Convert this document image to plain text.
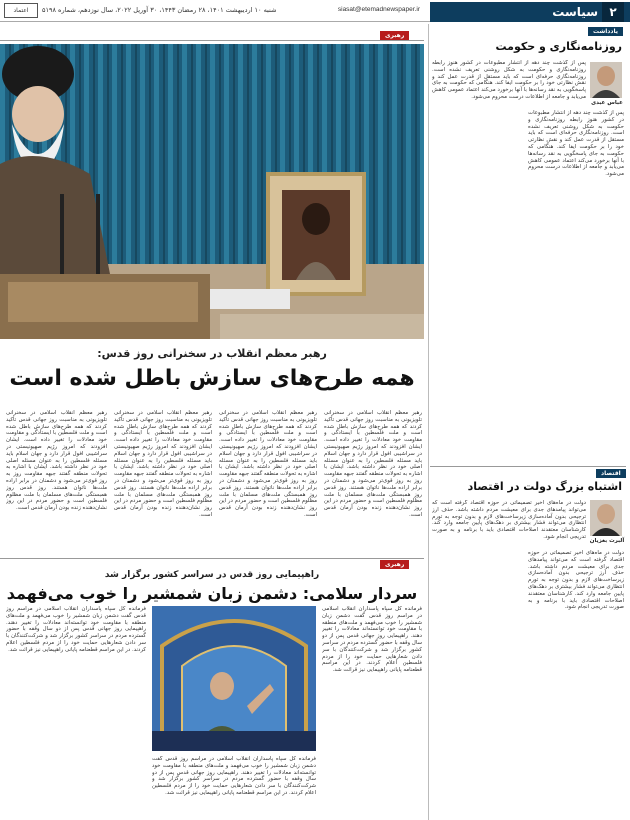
۲
سیاست
siasat@etemadnewspaper.ir
شنبه ۱۰ اردیبهشت ۱۴۰۱، ۲۸ رمضان ۱۴۴۳، ۳۰ آوریل ۲۰۲۲، سال نوزدهم، شماره ۵۱۹۸
اعتماد
رهبری
رهبر معظم انقلاب در سخنرانی روز قدس:
همه طرح‌های سازش باطل شده است
رهبر معظم انقلاب اسلامی در سخنرانی تلویزیونی به مناسبت روز جهانی قدس تأکید کردند که همه طرح‌های سازش باطل شده است و ملت فلسطین با ایستادگی و مقاومت خود معادلات را تغییر داده است. ایشان افزودند که امروز رژیم صهیونیستی در سراشیبی افول قرار دارد و جهان اسلام باید مسئله فلسطین را به عنوان مسئله اصلی خود در نظر داشته باشد. ایشان با اشاره به تحولات منطقه گفتند جبهه مقاومت روز به روز قوی‌تر می‌شود و دشمنان در برابر اراده ملت‌ها ناتوان هستند. روز قدس روز همبستگی ملت‌های مسلمان با ملت مظلوم فلسطین است و حضور مردم در این روز نشان‌دهنده زنده بودن آرمان قدس است.
رهبر معظم انقلاب اسلامی در سخنرانی تلویزیونی به مناسبت روز جهانی قدس تأکید کردند که همه طرح‌های سازش باطل شده است و ملت فلسطین با ایستادگی و مقاومت خود معادلات را تغییر داده است. ایشان افزودند که امروز رژیم صهیونیستی در سراشیبی افول قرار دارد و جهان اسلام باید مسئله فلسطین را به عنوان مسئله اصلی خود در نظر داشته باشد. ایشان با اشاره به تحولات منطقه گفتند جبهه مقاومت روز به روز قوی‌تر می‌شود و دشمنان در برابر اراده ملت‌ها ناتوان هستند. روز قدس روز همبستگی ملت‌های مسلمان با ملت مظلوم فلسطین است و حضور مردم در این روز نشان‌دهنده زنده بودن آرمان قدس است.
رهبر معظم انقلاب اسلامی در سخنرانی تلویزیونی به مناسبت روز جهانی قدس تأکید کردند که همه طرح‌های سازش باطل شده است و ملت فلسطین با ایستادگی و مقاومت خود معادلات را تغییر داده است. ایشان افزودند که امروز رژیم صهیونیستی در سراشیبی افول قرار دارد و جهان اسلام باید مسئله فلسطین را به عنوان مسئله اصلی خود در نظر داشته باشد. ایشان با اشاره به تحولات منطقه گفتند جبهه مقاومت روز به روز قوی‌تر می‌شود و دشمنان در برابر اراده ملت‌ها ناتوان هستند. روز قدس روز همبستگی ملت‌های مسلمان با ملت مظلوم فلسطین است و حضور مردم در این روز نشان‌دهنده زنده بودن آرمان قدس است.
رهبر معظم انقلاب اسلامی در سخنرانی تلویزیونی به مناسبت روز جهانی قدس تأکید کردند که همه طرح‌های سازش باطل شده است و ملت فلسطین با ایستادگی و مقاومت خود معادلات را تغییر داده است. ایشان افزودند که امروز رژیم صهیونیستی در سراشیبی افول قرار دارد و جهان اسلام باید مسئله فلسطین را به عنوان مسئله اصلی خود در نظر داشته باشد. ایشان با اشاره به تحولات منطقه گفتند جبهه مقاومت روز به روز قوی‌تر می‌شود و دشمنان در برابر اراده ملت‌ها ناتوان هستند. روز قدس روز همبستگی ملت‌های مسلمان با ملت مظلوم فلسطین است و حضور مردم در این روز نشان‌دهنده زنده بودن آرمان قدس است.
رهبری
راهپیمایی روز قدس در سراسر کشور برگزار شد
سردار سلامی: دشمن زبان شمشیر را خوب می‌فهمد
فرمانده کل سپاه پاسداران انقلاب اسلامی در مراسم روز قدس گفت دشمن زبان شمشیر را خوب می‌فهمد و ملت‌های منطقه با مقاومت خود توانسته‌اند معادلات را تغییر دهند. راهپیمایی روز جهانی قدس پس از دو سال وقفه با حضور گسترده مردم در سراسر کشور برگزار شد و شرکت‌کنندگان با سر دادن شعارهایی حمایت خود را از مردم فلسطین اعلام کردند. در این مراسم قطعنامه پایانی راهپیمایی نیز قرائت شد.
فرمانده کل سپاه پاسداران انقلاب اسلامی در مراسم روز قدس گفت دشمن زبان شمشیر را خوب می‌فهمد و ملت‌های منطقه با مقاومت خود توانسته‌اند معادلات را تغییر دهند. راهپیمایی روز جهانی قدس پس از دو سال وقفه با حضور گسترده مردم در سراسر کشور برگزار شد و شرکت‌کنندگان با سر دادن شعارهایی حمایت خود را از مردم فلسطین اعلام کردند. در این مراسم قطعنامه پایانی راهپیمایی نیز قرائت شد.
فرمانده کل سپاه پاسداران انقلاب اسلامی در مراسم روز قدس گفت دشمن زبان شمشیر را خوب می‌فهمد و ملت‌های منطقه با مقاومت خود توانسته‌اند معادلات را تغییر دهند. راهپیمایی روز جهانی قدس پس از دو سال وقفه با حضور گسترده مردم در سراسر کشور برگزار شد و شرکت‌کنندگان با سر دادن شعارهایی حمایت خود را از مردم فلسطین اعلام کردند. در این مراسم قطعنامه پایانی راهپیمایی نیز قرائت شد.
یادداشت
روزنامه‌نگاری و حکومت
عباس عبدی
پس از گذشت چند دهه از انتشار مطبوعات در کشور هنوز رابطه روزنامه‌نگاری و حکومت به شکل روشنی تعریف نشده است. روزنامه‌نگاری حرفه‌ای است که باید مستقل از قدرت عمل کند و نقش نظارتی خود را بر حکومت ایفا کند. هنگامی که حکومت به جای پاسخگویی به نقد رسانه‌ها با آنها برخورد می‌کند اعتماد عمومی کاهش می‌یابد و جامعه از اطلاعات درست محروم می‌شود.
پس از گذشت چند دهه از انتشار مطبوعات در کشور هنوز رابطه روزنامه‌نگاری و حکومت به شکل روشنی تعریف نشده است. روزنامه‌نگاری حرفه‌ای است که باید مستقل از قدرت عمل کند و نقش نظارتی خود را بر حکومت ایفا کند. هنگامی که حکومت به جای پاسخگویی به نقد رسانه‌ها با آنها برخورد می‌کند اعتماد عمومی کاهش می‌یابد و جامعه از اطلاعات درست محروم می‌شود.
اقتصاد
اشتباه بزرگ دولت در اقتصاد
آلبرت بغزیان
دولت در ماه‌های اخیر تصمیماتی در حوزه اقتصاد گرفته است که می‌تواند پیامدهای جدی برای معیشت مردم داشته باشد. حذف ارز ترجیحی بدون آماده‌سازی زیرساخت‌های لازم و بدون توجه به تورم انتظاری می‌تواند فشار بیشتری بر دهک‌های پایین جامعه وارد کند. کارشناسان معتقدند اصلاحات اقتصادی باید با برنامه و به صورت تدریجی انجام شود.
دولت در ماه‌های اخیر تصمیماتی در حوزه اقتصاد گرفته است که می‌تواند پیامدهای جدی برای معیشت مردم داشته باشد. حذف ارز ترجیحی بدون آماده‌سازی زیرساخت‌های لازم و بدون توجه به تورم انتظاری می‌تواند فشار بیشتری بر دهک‌های پایین جامعه وارد کند. کارشناسان معتقدند اصلاحات اقتصادی باید با برنامه و به صورت تدریجی انجام شود.
